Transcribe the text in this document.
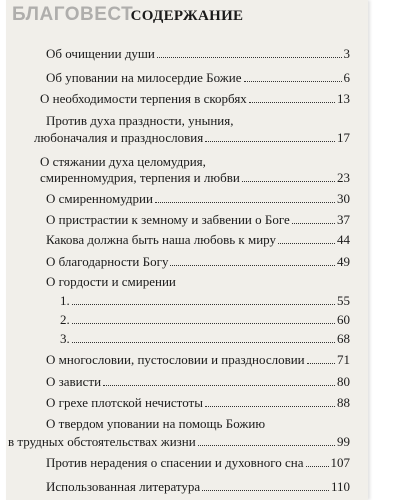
БЛАГОВЕСТ
СОДЕРЖАНИЕ
Об очищении души	3
Об уповании на милосердие Божие	6
О необходимости терпения в скорбях	13
Против духа праздности, уныния,
любоначалия и празднословия	17
О стяжании духа целомудрия,
смиренномудрия, терпения и любви	23
О смиренномудрии	30
О пристрастии к земному и забвении о Боге	37
Какова должна быть наша любовь к миру	44
О благодарности Богу	49
О гордости и смирении
1.	55
2.	60
3.	68
О многословии, пустословии и празднословии 71
О зависти	80
О грехе плотской нечистоты	88
О твердом уповании на помощь Божию
в трудных обстоятельствах жизни	99
Против нерадения о спасении и духовного сна 107
Использованная литература	110
